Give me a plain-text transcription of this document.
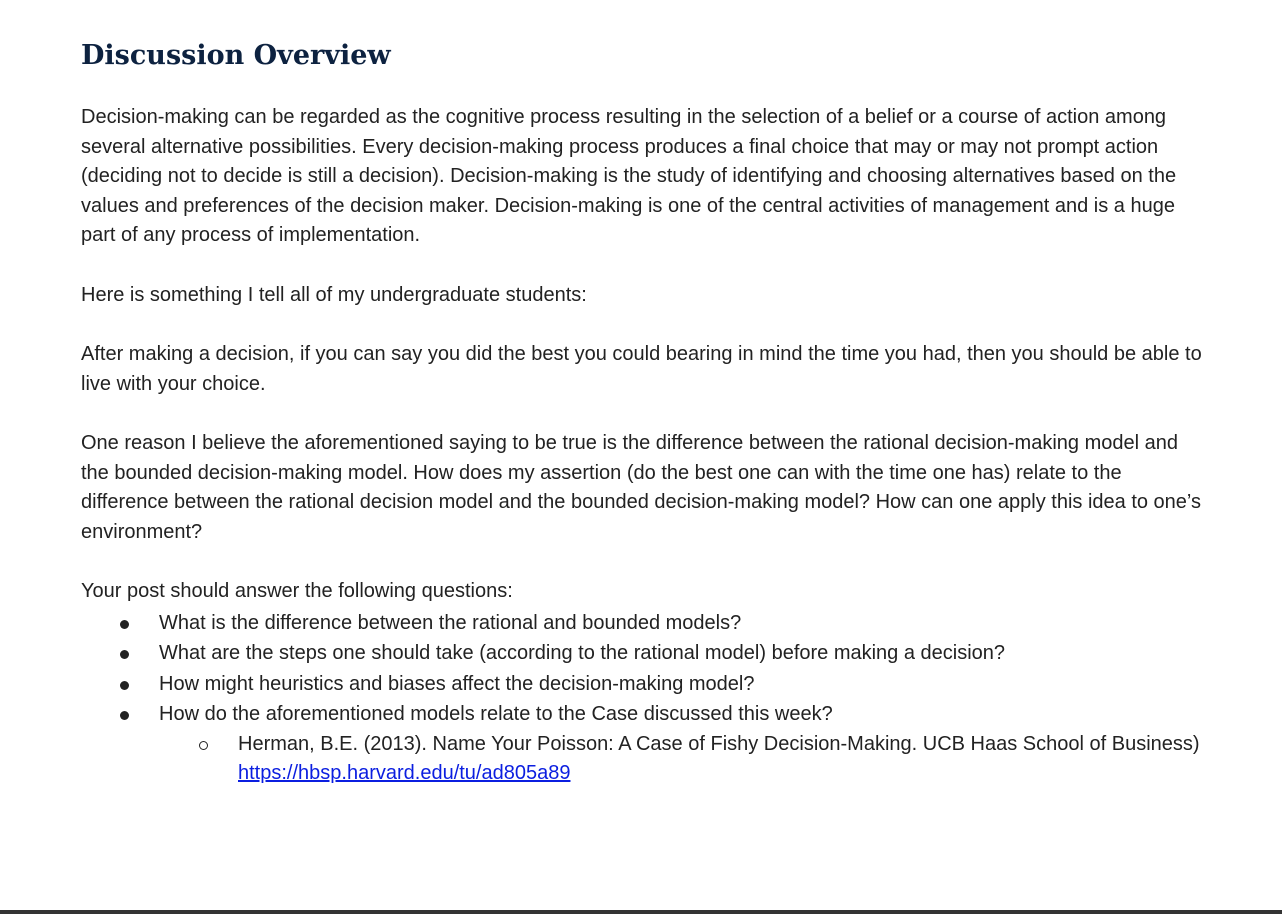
Discussion Overview

Decision-making can be regarded as the cognitive process resulting in the selection of a belief or a course of action among several alternative possibilities. Every decision-making process produces a final choice that may or may not prompt action (deciding not to decide is still a decision). Decision-making is the study of identifying and choosing alternatives based on the values and preferences of the decision maker. Decision-making is one of the central activities of management and is a huge part of any process of implementation.

Here is something I tell all of my undergraduate students:

After making a decision, if you can say you did the best you could bearing in mind the time you had, then you should be able to live with your choice.

One reason I believe the aforementioned saying to be true is the difference between the rational decision-making model and the bounded decision-making model. How does my assertion (do the best one can with the time one has) relate to the difference between the rational decision model and the bounded decision-making model? How can one apply this idea to one’s environment?

Your post should answer the following questions:

What is the difference between the rational and bounded models?
What are the steps one should take (according to the rational model) before making a decision?
How might heuristics and biases affect the decision-making model?
How do the aforementioned models relate to the Case discussed this week?
Herman, B.E. (2013). Name Your Poisson: A Case of Fishy Decision-Making. UCB Haas School of Business)
https://hbsp.harvard.edu/tu/ad805a89
